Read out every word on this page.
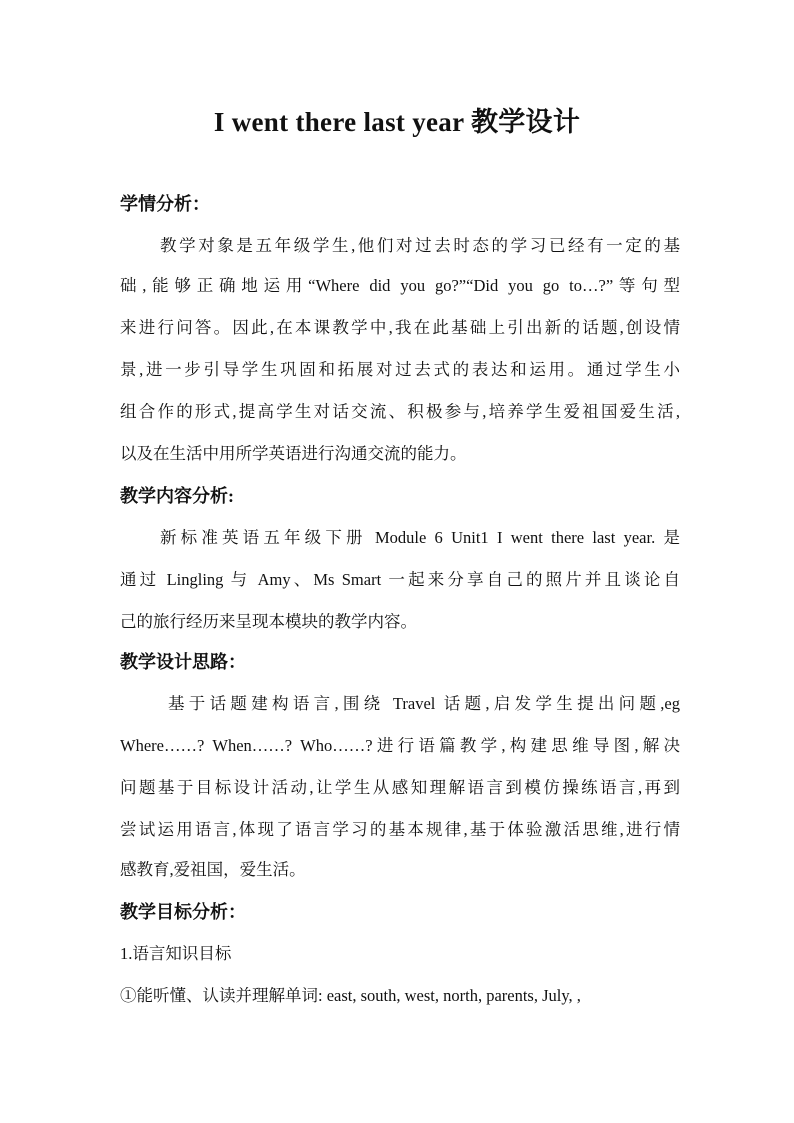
I went there last year 教学设计
学情分析：
教学对象是五年级学生,他们对过去时态的学习已经有一定的基
础,能够正确地运用“Where did you go?”“Did you go to…?”等句型
来进行问答。因此,在本课教学中,我在此基础上引出新的话题,创设情
景,进一步引导学生巩固和拓展对过去式的表达和运用。通过学生小
组合作的形式,提高学生对话交流、积极参与,培养学生爱祖国爱生活,
以及在生活中用所学英语进行沟通交流的能力。
教学内容分析:
新标准英语五年级下册 Module 6 Unit1 I went there last year. 是
通过 Lingling 与 Amy、Ms Smart 一起来分享自己的照片并且谈论自
己的旅行经历来呈现本模块的教学内容。
教学设计思路：
基于话题建构语言,围绕 Travel 话题,启发学生提出问题,eg
Where……? When……? Who……?进行语篇教学,构建思维导图,解决
问题基于目标设计活动,让学生从感知理解语言到模仿操练语言,再到
尝试运用语言,体现了语言学习的基本规律,基于体验激活思维,进行情
感教育,爱祖国，爱生活。
教学目标分析：
1.语言知识目标
①能听懂、认读并理解单词: east, south, west, north, parents, July, ,
